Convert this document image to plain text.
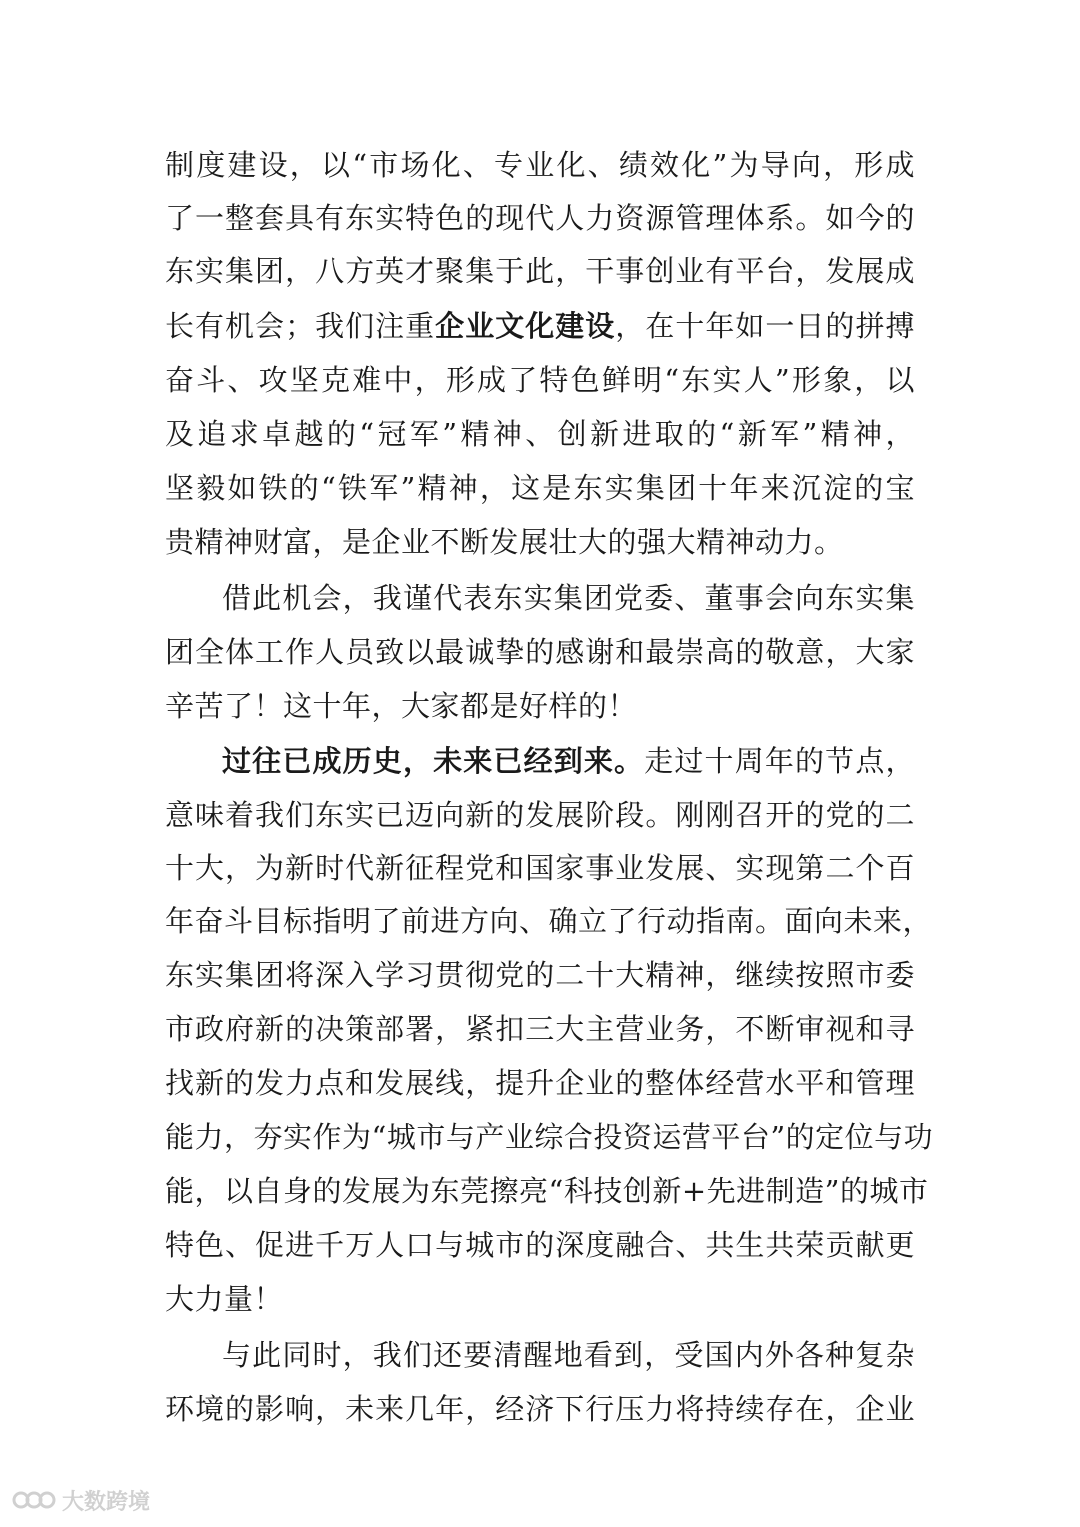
制度建设，以“市场化、专业化、绩效化”为导向，形成
了一整套具有东实特色的现代人力资源管理体系。如今的
东实集团，八方英才聚集于此，干事创业有平台，发展成
长有机会；我们注重企业文化建设，在十年如一日的拼搏
奋斗、攻坚克难中，形成了特色鲜明“东实人”形象，以
及追求卓越的“冠军”精神、创新进取的“新军”精神，
坚毅如铁的“铁军”精神，这是东实集团十年来沉淀的宝
贵精神财富，是企业不断发展壮大的强大精神动力。
借此机会，我谨代表东实集团党委、董事会向东实集
团全体工作人员致以最诚挚的感谢和最崇高的敬意，大家
辛苦了！这十年，大家都是好样的！
过往已成历史，未来已经到来。走过十周年的节点，
意味着我们东实已迈向新的发展阶段。刚刚召开的党的二
十大，为新时代新征程党和国家事业发展、实现第二个百
年奋斗目标指明了前进方向、确立了行动指南。面向未来，
东实集团将深入学习贯彻党的二十大精神，继续按照市委
市政府新的决策部署，紧扣三大主营业务，不断审视和寻
找新的发力点和发展线，提升企业的整体经营水平和管理
能力，夯实作为“城市与产业综合投资运营平台”的定位与功
能，以自身的发展为东莞擦亮“科技创新+先进制造”的城市
特色、促进千万人口与城市的深度融合、共生共荣贡献更
大力量！
与此同时，我们还要清醒地看到，受国内外各种复杂
环境的影响，未来几年，经济下行压力将持续存在，企业
大数跨境
